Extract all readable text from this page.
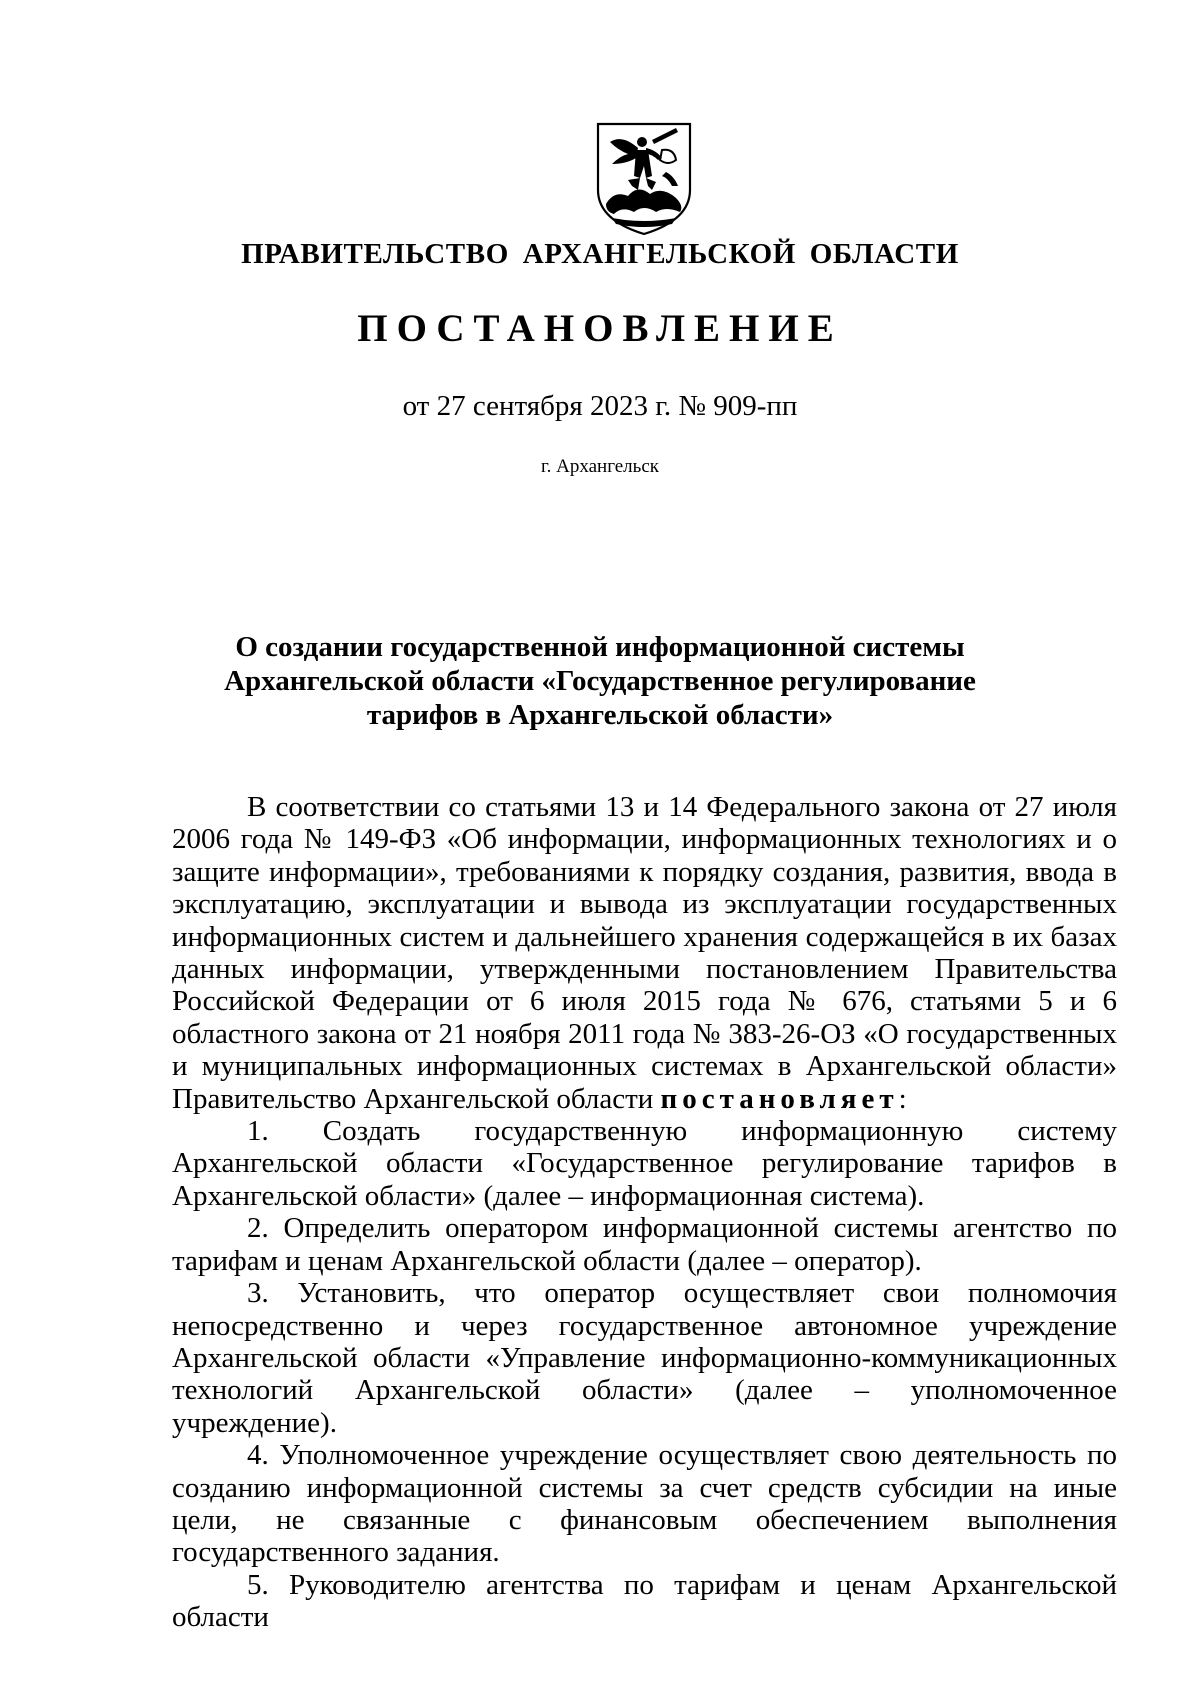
ПРАВИТЕЛЬСТВО АРХАНГЕЛЬСКОЙ ОБЛАСТИ
ПОСТАНОВЛЕНИЕ
от 27 сентября 2023 г. № 909-пп
г. Архангельск
О создании государственной информационной системы
Архангельской области «Государственное регулирование
тарифов в Архангельской области»

В соответствии со статьями 13 и 14 Федерального закона от 27 июля 2006 года № 149-ФЗ «Об информации, информационных технологиях и о защите информации», требованиями к порядку создания, развития, ввода в эксплуатацию, эксплуатации и вывода из эксплуатации государственных информационных систем и дальнейшего хранения содержащейся в их базах данных информации, утвержденными постановлением Правительства Российской Федерации от 6 июля 2015 года № 676, статьями 5 и 6 областного закона от 21 ноября 2011 года № 383-26-ОЗ «О государственных и муниципальных информационных системах в Архангельской области» Правительство Архангельской области постановляет:

1. Создать государственную информационную систему Архангельской области «Государственное регулирование тарифов в Архангельской области» (далее – информационная система).

2. Определить оператором информационной системы агентство по тарифам и ценам Архангельской области (далее – оператор).

3. Установить, что оператор осуществляет свои полномочия непосредственно и через государственное автономное учреждение Архангельской области «Управление информационно-коммуникационных технологий Архангельской области» (далее – уполномоченное учреждение).

4. Уполномоченное учреждение осуществляет свою деятельность по созданию информационной системы за счет средств субсидии на иные цели, не связанные с финансовым обеспечением выполнения государственного задания.

5. Руководителю агентства по тарифам и ценам Архангельской области
